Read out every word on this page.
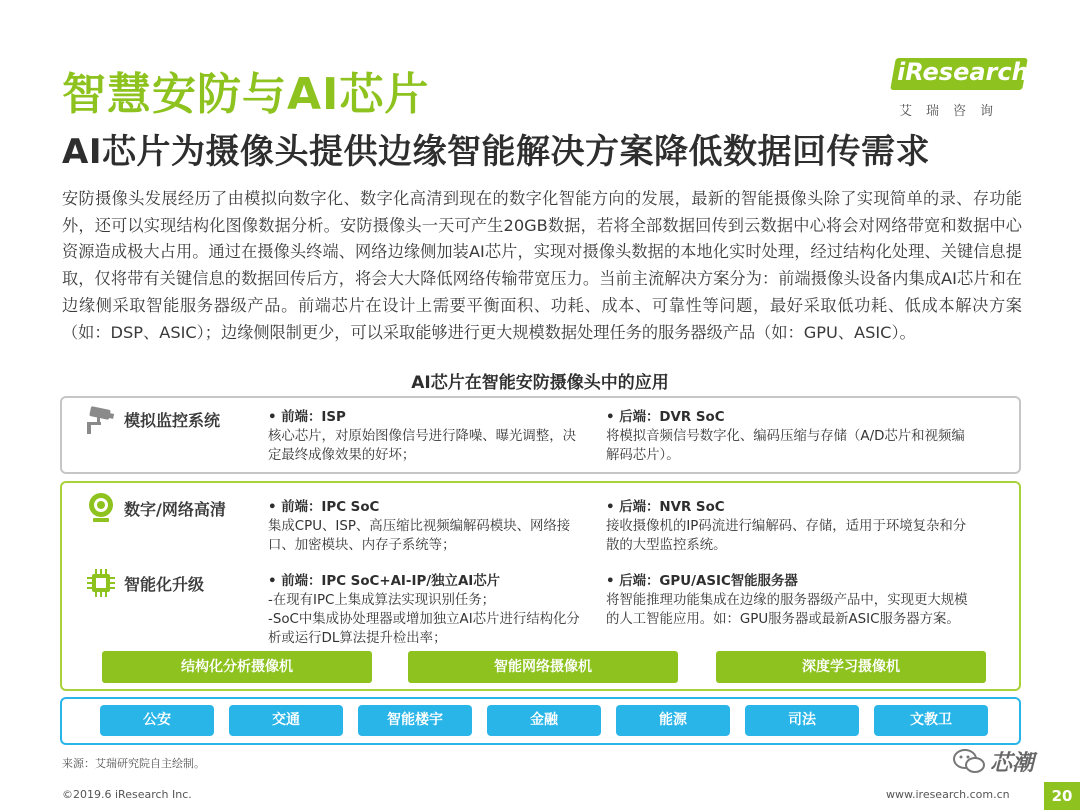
智慧安防与AI芯片
AI芯片为摄像头提供边缘智能解决方案降低数据回传需求
iResearch
艾瑞咨询
安防摄像头发展经历了由模拟向数字化、数字化高清到现在的数字化智能方向的发展，最新的智能摄像头除了实现简单的录、存功能外，还可以实现结构化图像数据分析。安防摄像头一天可产生20GB数据，若将全部数据回传到云数据中心将会对网络带宽和数据中心资源造成极大占用。通过在摄像头终端、网络边缘侧加装AI芯片，实现对摄像头数据的本地化实时处理，经过结构化处理、关键信息提取，仅将带有关键信息的数据回传后方，将会大大降低网络传输带宽压力。当前主流解决方案分为：前端摄像头设备内集成AI芯片和在边缘侧采取智能服务器级产品。前端芯片在设计上需要平衡面积、功耗、成本、可靠性等问题，最好采取低功耗、低成本解决方案（如：DSP、ASIC）；边缘侧限制更少，可以采取能够进行更大规模数据处理任务的服务器级产品（如：GPU、ASIC）。
AI芯片在智能安防摄像头中的应用
模拟监控系统	• 前端：ISP
核心芯片，对原始图像信号进行降噪、曝光调整，决定最终成像效果的好坏；
• 后端：DVR SoC
将模拟音频信号数字化、编码压缩与存储（A/D芯片和视频编解码芯片）。
数字/网络高清	• 前端：IPC SoC
集成CPU、ISP、高压缩比视频编解码模块、网络接口、加密模块、内存子系统等；
• 后端：NVR SoC
接收摄像机的IP码流进行编解码、存储，适用于环境复杂和分散的大型监控系统。
智能化升级	• 前端：IPC SoC+AI-IP/独立AI芯片
-在现有IPC上集成算法实现识别任务；
-SoC中集成协处理器或增加独立AI芯片进行结构化分析或运行DL算法提升检出率；
• 后端：GPU/ASIC智能服务器
将智能推理功能集成在边缘的服务器级产品中，实现更大规模的人工智能应用。如：GPU服务器或最新ASIC服务器方案。
结构化分析摄像机	智能网络摄像机	深度学习摄像机
公安	交通	智能楼宇	金融	能源	司法	文教卫
来源：艾瑞研究院自主绘制。
©2019.6 iResearch Inc.	www.iresearch.com.cn	20
芯潮
